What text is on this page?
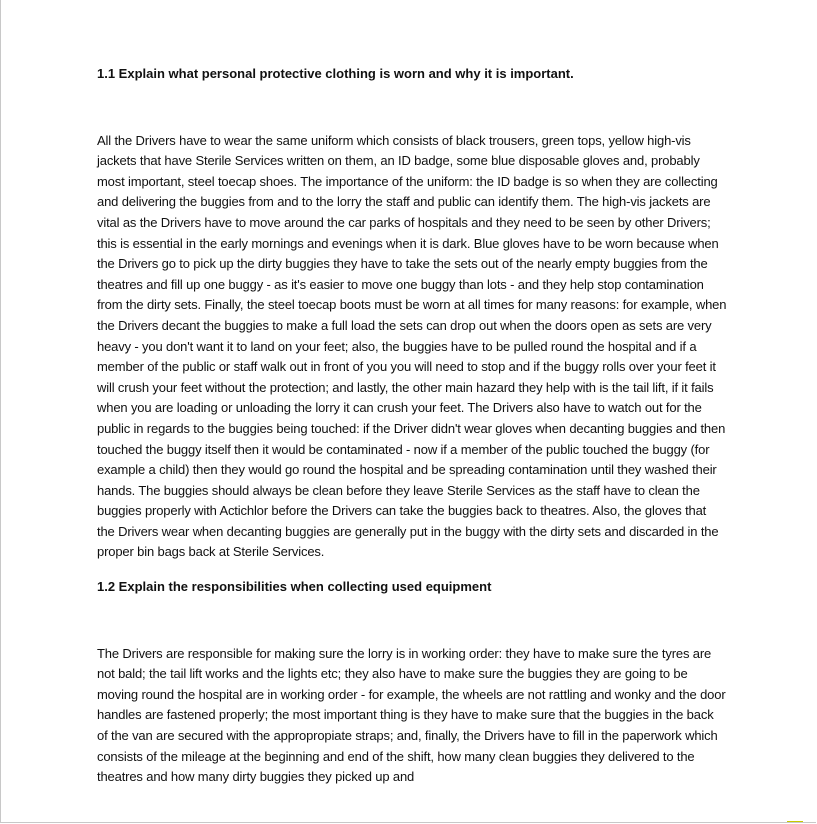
1.1 Explain what personal protective clothing is worn and why it is important.

All the Drivers have to wear the same uniform which consists of black trousers, green tops, yellow high-vis jackets that have Sterile Services written on them, an ID badge, some blue disposable gloves and, probably most important, steel toecap shoes. The importance of the uniform: the ID badge is so when they are collecting and delivering the buggies from and to the lorry the staff and public can identify them. The high-vis jackets are vital as the Drivers have to move around the car parks of hospitals and they need to be seen by other Drivers; this is essential in the early mornings and evenings when it is dark. Blue gloves have to be worn because when the Drivers go to pick up the dirty buggies they have to take the sets out of the nearly empty buggies from the theatres and fill up one buggy - as it's easier to move one buggy than lots - and they help stop contamination from the dirty sets. Finally, the steel toecap boots must be worn at all times for many reasons: for example, when the Drivers decant the buggies to make a full load the sets can drop out when the doors open as sets are very heavy - you don't want it to land on your feet; also, the buggies have to be pulled round the hospital and if a member of the public or staff walk out in front of you you will need to stop and if the buggy rolls over your feet it will crush your feet without the protection; and lastly, the other main hazard they help with is the tail lift, if it fails when you are loading or unloading the lorry it can crush your feet. The Drivers also have to watch out for the public in regards to the buggies being touched: if the Driver didn't wear gloves when decanting buggies and then touched the buggy itself then it would be contaminated - now if a member of the public touched the buggy (for example a child) then they would go round the hospital and be spreading contamination until they washed their hands. The buggies should always be clean before they leave Sterile Services as the staff have to clean the buggies properly with Actichlor before the Drivers can take the buggies back to theatres. Also, the gloves that the Drivers wear when decanting buggies are generally put in the buggy with the dirty sets and discarded in the proper bin bags back at Sterile Services.

1.2 Explain the responsibilities when collecting used equipment

The Drivers are responsible for making sure the lorry is in working order: they have to make sure the tyres are not bald; the tail lift works and the lights etc; they also have to make sure the buggies they are going to be moving round the hospital are in working order - for example, the wheels are not rattling and wonky and the door handles are fastened properly; the most important thing is they have to make sure that the buggies in the back of the van are secured with the appropropiate straps; and, finally, the Drivers have to fill in the paperwork which consists of the mileage at the beginning and end of the shift, how many clean buggies they delivered to the theatres and how many dirty buggies they picked up and
